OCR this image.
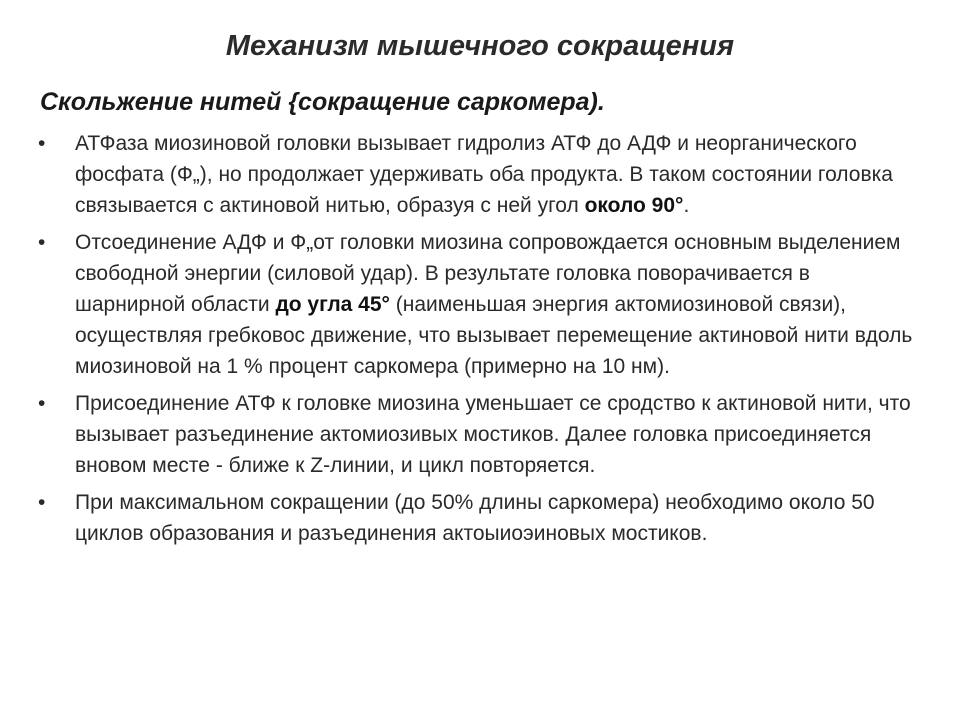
Механизм мышечного сокращения
Скольжение нитей {сокращение саркомера).
• АТФаза миозиновой головки вызывает гидролиз АТФ до АДФ и неорганического фосфата (Ф„), но продолжает удерживать оба продукта. В таком состоянии головка связывается с актиновой нитью, образуя с ней угол около 90°.
• Отсоединение АДФ и Ф„от головки миозина сопровождается основным выделением свободной энергии (силовой удар). В результате головка поворачивается в шарнирной области до угла 45° (наименьшая энергия актомиозиновой связи), осуществляя гребковос движение, что вызывает перемещение актиновой нити вдоль миозиновой на 1 % процент саркомера (примерно на 10 нм).
• Присоединение АТФ к головке миозина уменьшает се сродство к актиновой нити, что вызывает разъединение актомиозивых мостиков. Далее головка присоединяется вновом месте - ближе к Z-линии, и цикл повторяется.
• При максимальном сокращении (до 50% длины саркомера) необходимо около 50 циклов образования и разъединения актоыиоэиновых мостиков.
